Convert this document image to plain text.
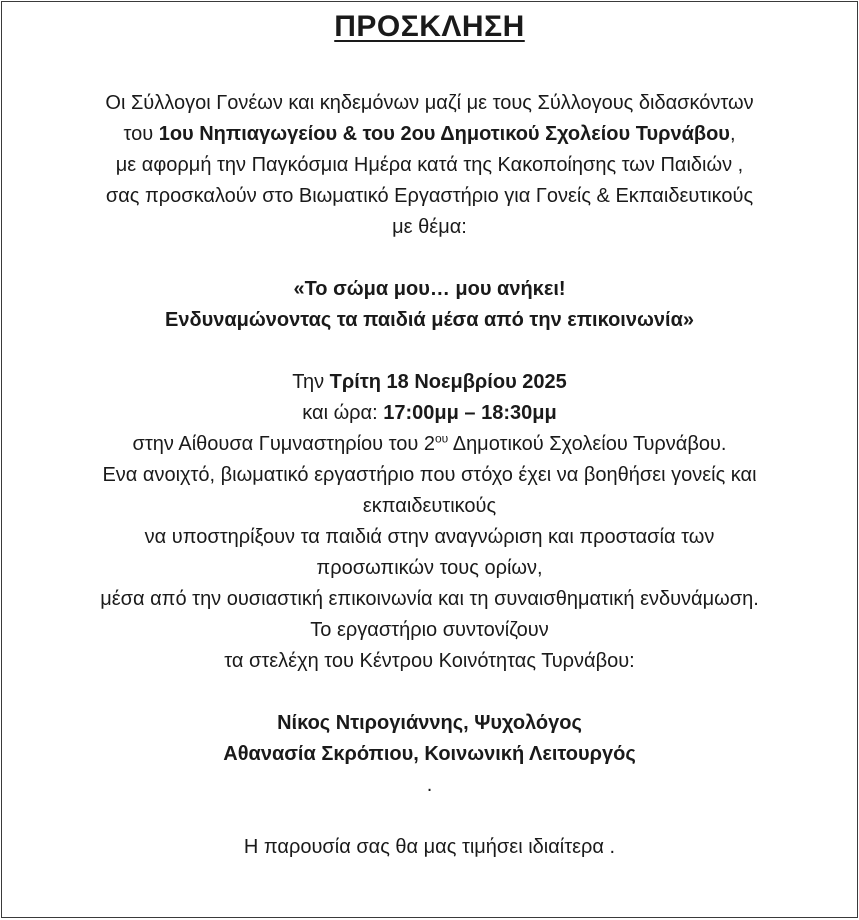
ΠΡΟΣΚΛΗΣΗ
Οι Σύλλογοι Γονέων και κηδεμόνων μαζί με τους Σύλλογους διδασκόντων
του 1ου Νηπιαγωγείου & του 2ου Δημοτικού Σχολείου Τυρνάβου,
με αφορμή την Παγκόσμια Ημέρα κατά της Κακοποίησης των Παιδιών ,
σας προσκαλούν στο Βιωματικό Εργαστήριο για Γονείς & Εκπαιδευτικούς
με θέμα:
«Το σώμα μου… μου ανήκει!
Ενδυναμώνοντας τα παιδιά μέσα από την επικοινωνία»
Την Τρίτη 18 Νοεμβρίου 2025
και ώρα: 17:00μμ – 18:30μμ
στην Αίθουσα Γυμναστηρίου του $2^{o\upsilon}$ Δημοτικού Σχολείου Τυρνάβου.
Ενα ανοιχτό, βιωματικό εργαστήριο που στόχο έχει να βοηθήσει γονείς και
εκπαιδευτικούς
να υποστηρίξουν τα παιδιά στην αναγνώριση και προστασία των
προσωπικών τους ορίων,
μέσα από την ουσιαστική επικοινωνία και τη συναισθηματική ενδυνάμωση.
Το εργαστήριο συντονίζουν
τα στελέχη του Κέντρου Κοινότητας Τυρνάβου:
Νίκος Ντιρογιάννης, Ψυχολόγος
Αθανασία Σκρόπιου, Κοινωνική Λειτουργός
.
Η παρουσία σας θα μας τιμήσει ιδιαίτερα .
